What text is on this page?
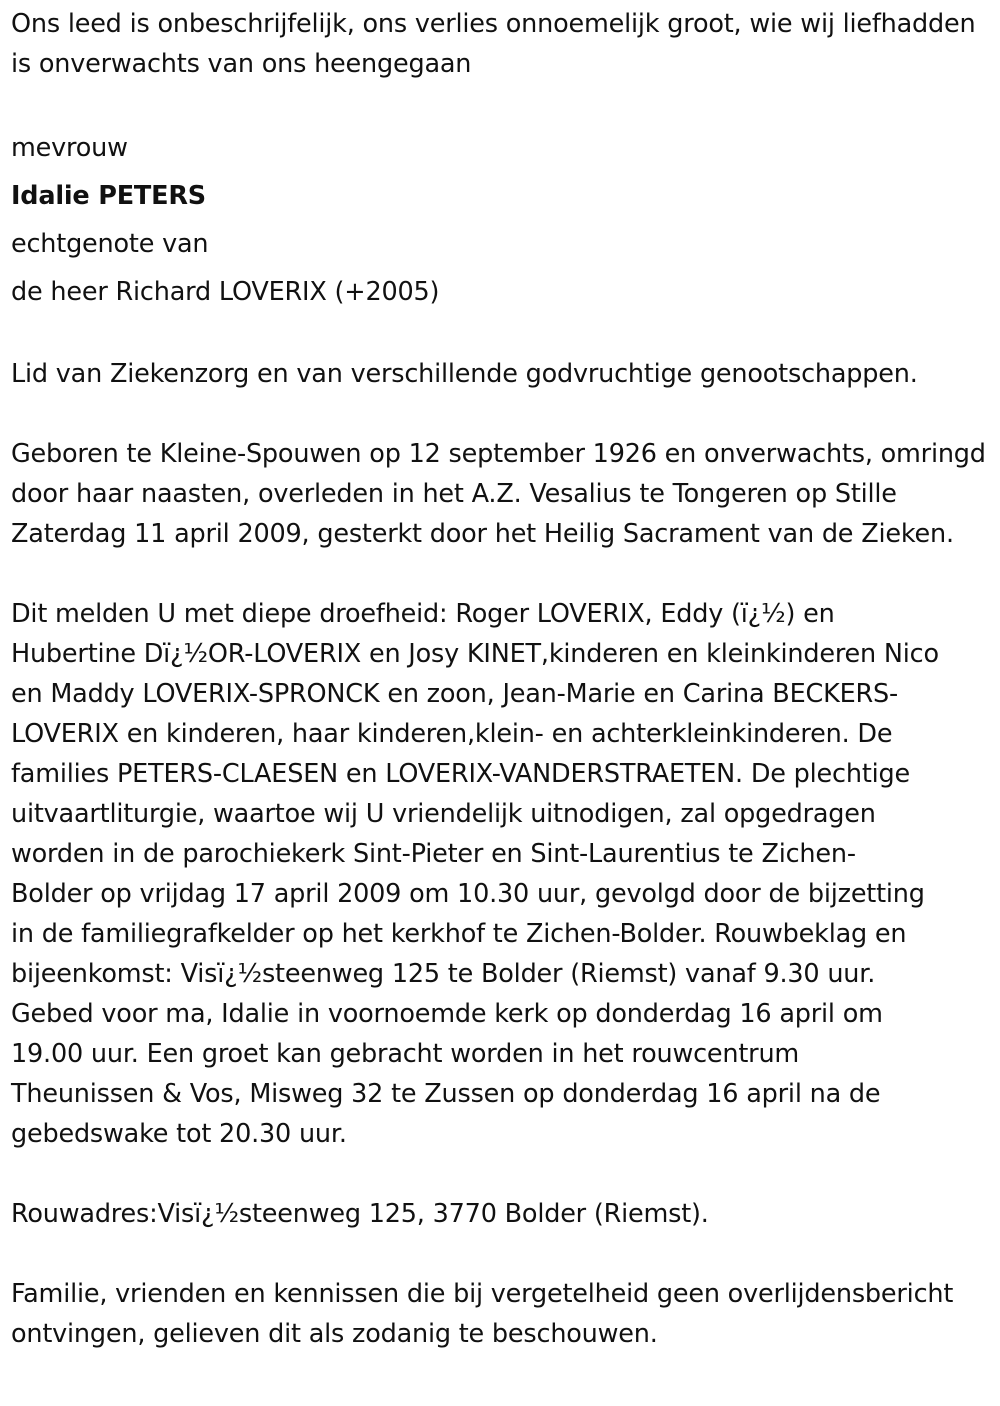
Ons leed is onbeschrijfelijk, ons verlies onnoemelijk groot, wie wij liefhadden is onverwachts van ons heengegaan

mevrouw

Idalie PETERS

echtgenote van

de heer Richard LOVERIX (+2005)

Lid van Ziekenzorg en van verschillende godvruchtige genootschappen.

Geboren te Kleine-Spouwen op 12 september 1926 en onverwachts, omringd door haar naasten, overleden in het A.Z. Vesalius te Tongeren op Stille Zaterdag 11 april 2009, gesterkt door het Heilig Sacrament van de Zieken.

Dit melden U met diepe droefheid: Roger LOVERIX, Eddy (ï¿½) en

Hubertine Dï¿½OR-LOVERIX en Josy KINET,kinderen en kleinkinderen Nico

en Maddy LOVERIX-SPRONCK en zoon, Jean-Marie en Carina BECKERS-

LOVERIX en kinderen, haar kinderen,klein- en achterkleinkinderen. De

families PETERS-CLAESEN en LOVERIX-VANDERSTRAETEN. De plechtige

uitvaartliturgie, waartoe wij U vriendelijk uitnodigen, zal opgedragen

worden in de parochiekerk Sint-Pieter en Sint-Laurentius te Zichen-

Bolder op vrijdag 17 april 2009 om 10.30 uur, gevolgd door de bijzetting

in de familiegrafkelder op het kerkhof te Zichen-Bolder. Rouwbeklag en

bijeenkomst: Visï¿½steenweg 125 te Bolder (Riemst) vanaf 9.30 uur.

Gebed voor ma, Idalie in voornoemde kerk op donderdag 16 april om

19.00 uur. Een groet kan gebracht worden in het rouwcentrum

Theunissen & Vos, Misweg 32 te Zussen op donderdag 16 april na de

gebedswake tot 20.30 uur.

Rouwadres:Visï¿½steenweg 125, 3770 Bolder (Riemst).

Familie, vrienden en kennissen die bij vergetelheid geen overlijdensbericht ontvingen, gelieven dit als zodanig te beschouwen.
